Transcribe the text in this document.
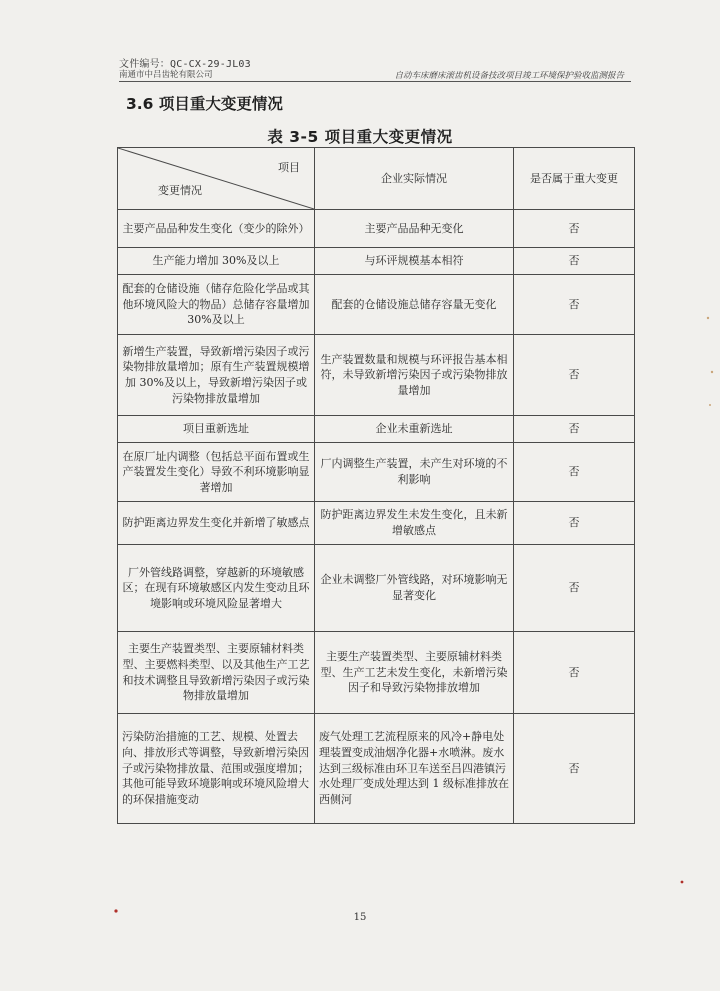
文件编号：QC-CX-29-JL03
南通市中吕齿轮有限公司	自动车床磨床滚齿机设备技改项目竣工环境保护验收监测报告
3.6 项目重大变更情况
表 3-5 项目重大变更情况
项目
变更情况	企业实际情况	是否属于重大变更
主要产品品种发生变化（变少的除外）	主要产品品种无变化	否
生产能力增加 30%及以上	与环评规模基本相符	否
配套的仓储设施（储存危险化学品或其他环境风险大的物品）总储存容量增加 30%及以上	配套的仓储设施总储存容量无变化	否
新增生产装置，导致新增污染因子或污染物排放量增加；原有生产装置规模增加 30%及以上，导致新增污染因子或污染物排放量增加	生产装置数量和规模与环评报告基本相符，未导致新增污染因子或污染物排放量增加	否
项目重新选址	企业未重新选址	否
在原厂址内调整（包括总平面布置或生产装置发生变化）导致不利环境影响显著增加	厂内调整生产装置，未产生对环境的不利影响	否
防护距离边界发生变化并新增了敏感点	防护距离边界发生未发生变化，且未新增敏感点	否
厂外管线路调整，穿越新的环境敏感区；在现有环境敏感区内发生变动且环境影响或环境风险显著增大	企业未调整厂外管线路，对环境影响无显著变化	否
主要生产装置类型、主要原辅材料类型、主要燃料类型、以及其他生产工艺和技术调整且导致新增污染因子或污染物排放量增加	主要生产装置类型、主要原辅材料类型、生产工艺未发生变化，未新增污染因子和导致污染物排放增加	否
污染防治措施的工艺、规模、处置去向、排放形式等调整，导致新增污染因子或污染物排放量、范围或强度增加；其他可能导致环境影响或环境风险增大的环保措施变动	废气处理工艺流程原来的风冷+静电处理装置变成油烟净化器+水喷淋。废水达到三级标准由环卫车送至吕四港镇污水处理厂变成处理达到 1 级标准排放在西侧河	否
15
